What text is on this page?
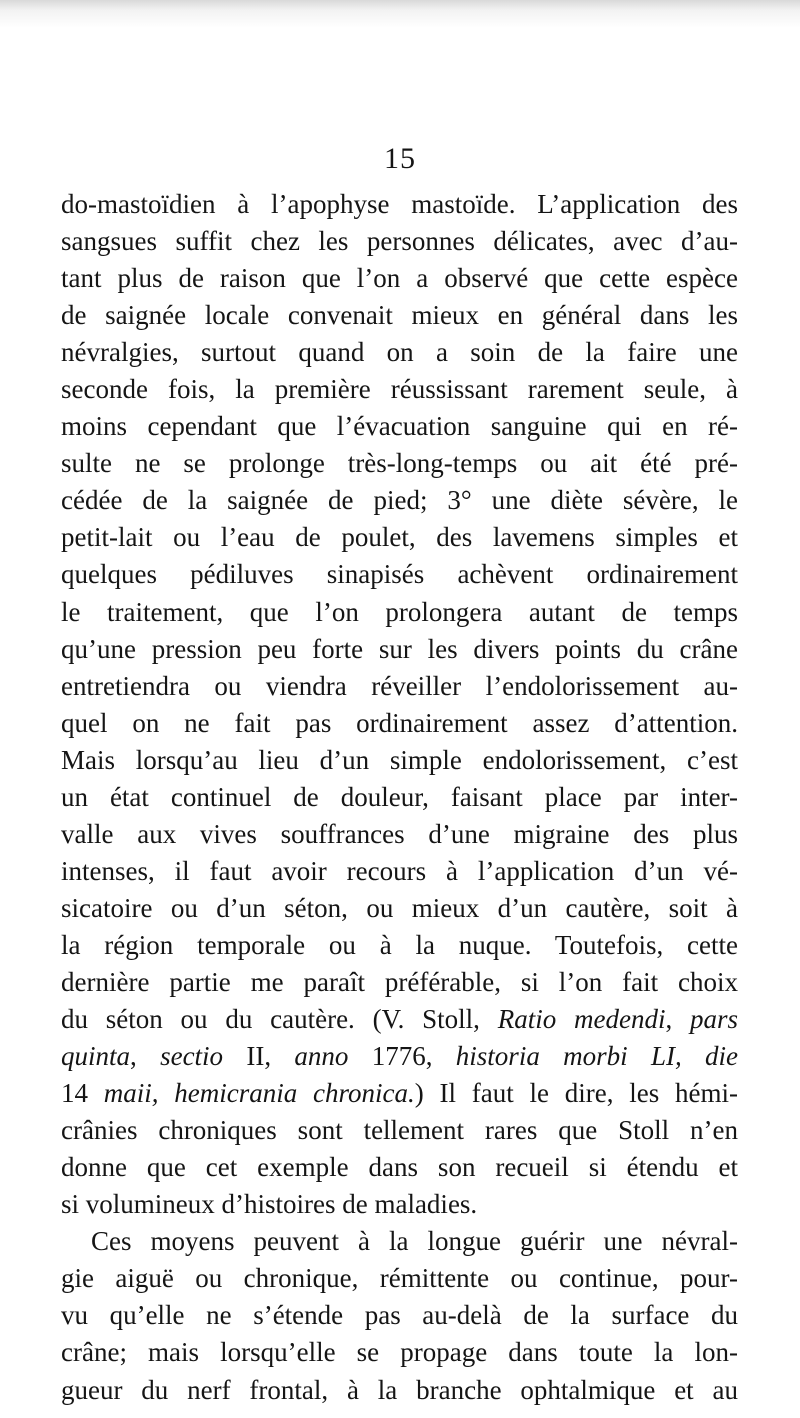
15
do-mastoïdien à l’apophyse mastoïde. L’application des
sangsues suffit chez les personnes délicates, avec d’au-
tant plus de raison que l’on a observé que cette espèce
de saignée locale convenait mieux en général dans les
névralgies, surtout quand on a soin de la faire une
seconde fois, la première réussissant rarement seule, à
moins cependant que l’évacuation sanguine qui en ré-
sulte ne se prolonge très-long-temps ou ait été pré-
cédée de la saignée de pied; 3° une diète sévère, le
petit-lait ou l’eau de poulet, des lavemens simples et
quelques pédiluves sinapisés achèvent ordinairement
le traitement, que l’on prolongera autant de temps
qu’une pression peu forte sur les divers points du crâne
entretiendra ou viendra réveiller l’endolorissement au-
quel on ne fait pas ordinairement assez d’attention.
Mais lorsqu’au lieu d’un simple endolorissement, c’est
un état continuel de douleur, faisant place par inter-
valle aux vives souffrances d’une migraine des plus
intenses, il faut avoir recours à l’application d’un vé-
sicatoire ou d’un séton, ou mieux d’un cautère, soit à
la région temporale ou à la nuque. Toutefois, cette
dernière partie me paraît préférable, si l’on fait choix
du séton ou du cautère. (V. Stoll, Ratio medendi, pars
quinta, sectio II, anno 1776, historia morbi LI, die
14 maii, hemicrania chronica.) Il faut le dire, les hémi-
crânies chroniques sont tellement rares que Stoll n’en
donne que cet exemple dans son recueil si étendu et
si volumineux d’histoires de maladies.
Ces moyens peuvent à la longue guérir une névral-
gie aiguë ou chronique, rémittente ou continue, pour-
vu qu’elle ne s’étende pas au-delà de la surface du
crâne; mais lorsqu’elle se propage dans toute la lon-
gueur du nerf frontal, à la branche ophtalmique et au
